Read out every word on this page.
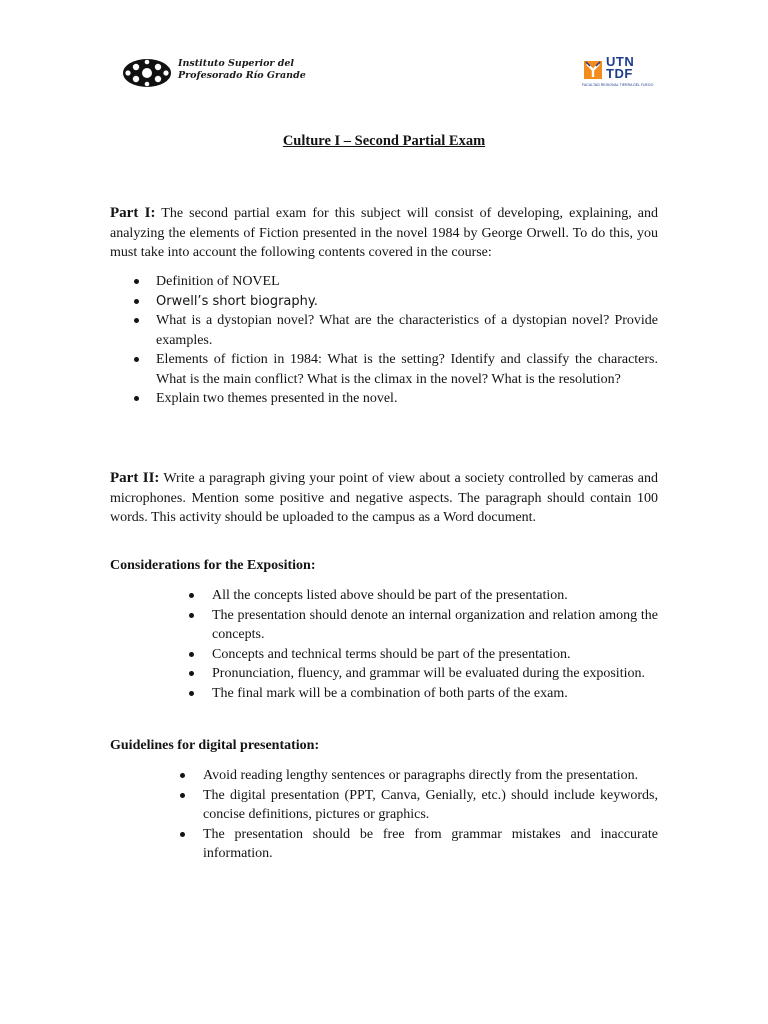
Instituto Superior del
Profesorado Río Grande
UTN
TDF
FACULTAD REGIONAL TIERRA DEL FUEGO
Culture I – Second Partial Exam
Part I: The second partial exam for this subject will consist of developing, explaining, and analyzing the elements of Fiction presented in the novel 1984 by George Orwell. To do this, you must take into account the following contents covered in the course:
Definition of NOVEL
Orwell’s short biography.
What is a dystopian novel? What are the characteristics of a dystopian novel? Provide examples.
Elements of fiction in 1984: What is the setting? Identify and classify the characters. What is the main conflict? What is the climax in the novel? What is the resolution?
Explain two themes presented in the novel.
Part II: Write a paragraph giving your point of view about a society controlled by cameras and microphones. Mention some positive and negative aspects. The paragraph should contain 100 words. This activity should be uploaded to the campus as a Word document.
Considerations for the Exposition:
All the concepts listed above should be part of the presentation.
The presentation should denote an internal organization and relation among the concepts.
Concepts and technical terms should be part of the presentation.
Pronunciation, fluency, and grammar will be evaluated during the exposition.
The final mark will be a combination of both parts of the exam.
Guidelines for digital presentation:
Avoid reading lengthy sentences or paragraphs directly from the presentation.
The digital presentation (PPT, Canva, Genially, etc.) should include keywords, concise definitions, pictures or graphics.
The presentation should be free from grammar mistakes and inaccurate information.
